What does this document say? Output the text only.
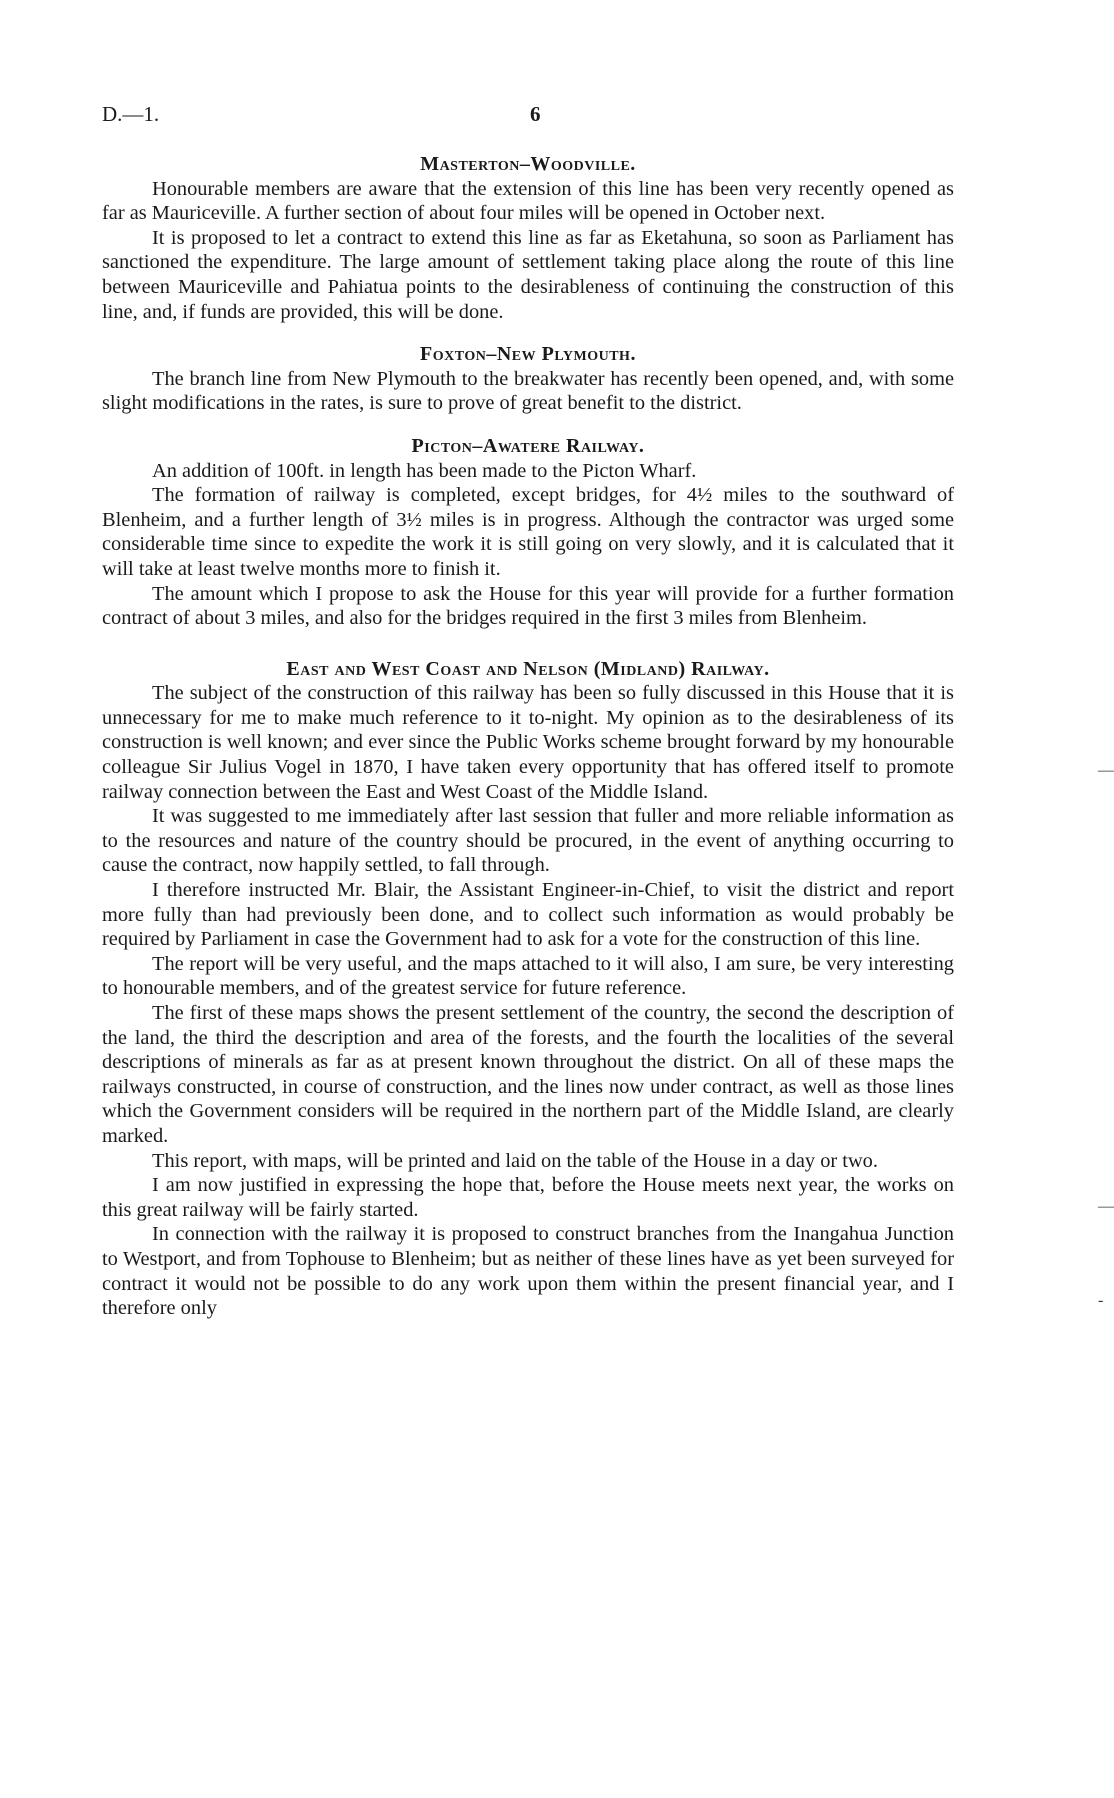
D.—1.	6
Masterton–Woodville.

Honourable members are aware that the extension of this line has been very recently opened as far as Mauriceville. A further section of about four miles will be opened in October next.

It is proposed to let a contract to extend this line as far as Eketahuna, so soon as Parliament has sanctioned the expenditure. The large amount of settlement taking place along the route of this line between Mauriceville and Pahiatua points to the desirableness of continuing the construction of this line, and, if funds are provided, this will be done.

Foxton–New Plymouth.

The branch line from New Plymouth to the breakwater has recently been opened, and, with some slight modifications in the rates, is sure to prove of great benefit to the district.

Picton–Awatere Railway.

An addition of 100ft. in length has been made to the Picton Wharf.

The formation of railway is completed, except bridges, for 4½ miles to the southward of Blenheim, and a further length of 3½ miles is in progress. Although the contractor was urged some considerable time since to expedite the work it is still going on very slowly, and it is calculated that it will take at least twelve months more to finish it.

The amount which I propose to ask the House for this year will provide for a further formation contract of about 3 miles, and also for the bridges required in the first 3 miles from Blenheim.

East and West Coast and Nelson (Midland) Railway.

The subject of the construction of this railway has been so fully discussed in this House that it is unnecessary for me to make much reference to it to-night. My opinion as to the desirableness of its construction is well known; and ever since the Public Works scheme brought forward by my honourable colleague Sir Julius Vogel in 1870, I have taken every opportunity that has offered itself to promote railway connection between the East and West Coast of the Middle Island.

It was suggested to me immediately after last session that fuller and more reliable information as to the resources and nature of the country should be procured, in the event of anything occurring to cause the contract, now happily settled, to fall through.

I therefore instructed Mr. Blair, the Assistant Engineer-in-Chief, to visit the district and report more fully than had previously been done, and to collect such information as would probably be required by Parliament in case the Government had to ask for a vote for the construction of this line.

The report will be very useful, and the maps attached to it will also, I am sure, be very interesting to honourable members, and of the greatest service for future reference.

The first of these maps shows the present settlement of the country, the second the description of the land, the third the description and area of the forests, and the fourth the localities of the several descriptions of minerals as far as at present known throughout the district. On all of these maps the railways constructed, in course of construction, and the lines now under contract, as well as those lines which the Government considers will be required in the northern part of the Middle Island, are clearly marked.

This report, with maps, will be printed and laid on the table of the House in a day or two.

I am now justified in expressing the hope that, before the House meets next year, the works on this great railway will be fairly started.

In connection with the railway it is proposed to construct branches from the Inangahua Junction to Westport, and from Tophouse to Blenheim; but as neither of these lines have as yet been surveyed for contract it would not be possible to do any work upon them within the present financial year, and I therefore only

—
—
-
